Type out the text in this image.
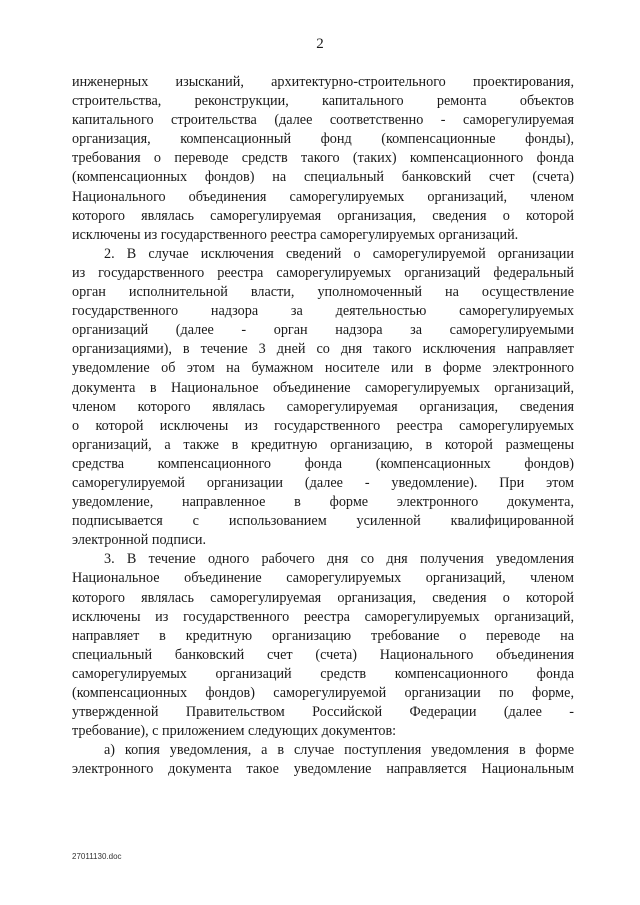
2
инженерных изысканий, архитектурно-строительного проектирования,
строительства, реконструкции, капитального ремонта объектов
капитального строительства (далее соответственно - саморегулируемая
организация, компенсационный фонд (компенсационные фонды),
требования о переводе средств такого (таких) компенсационного фонда
(компенсационных фондов) на специальный банковский счет (счета)
Национального объединения саморегулируемых организаций, членом
которого являлась саморегулируемая организация, сведения о которой
исключены из государственного реестра саморегулируемых организаций.
2. В случае исключения сведений о саморегулируемой организации
из государственного реестра саморегулируемых организаций федеральный
орган исполнительной власти, уполномоченный на осуществление
государственного надзора за деятельностью саморегулируемых
организаций (далее - орган надзора за саморегулируемыми
организациями), в течение 3 дней со дня такого исключения направляет
уведомление об этом на бумажном носителе или в форме электронного
документа в Национальное объединение саморегулируемых организаций,
членом которого являлась саморегулируемая организация, сведения
о которой исключены из государственного реестра саморегулируемых
организаций, а также в кредитную организацию, в которой размещены
средства компенсационного фонда (компенсационных фондов)
саморегулируемой организации (далее - уведомление). При этом
уведомление, направленное в форме электронного документа,
подписывается с использованием усиленной квалифицированной
электронной подписи.
3. В течение одного рабочего дня со дня получения уведомления
Национальное объединение саморегулируемых организаций, членом
которого являлась саморегулируемая организация, сведения о которой
исключены из государственного реестра саморегулируемых организаций,
направляет в кредитную организацию требование о переводе на
специальный банковский счет (счета) Национального объединения
саморегулируемых организаций средств компенсационного фонда
(компенсационных фондов) саморегулируемой организации по форме,
утвержденной Правительством Российской Федерации (далее -
требование), с приложением следующих документов:
а) копия уведомления, а в случае поступления уведомления в форме
электронного документа такое уведомление направляется Национальным
27011130.doc
